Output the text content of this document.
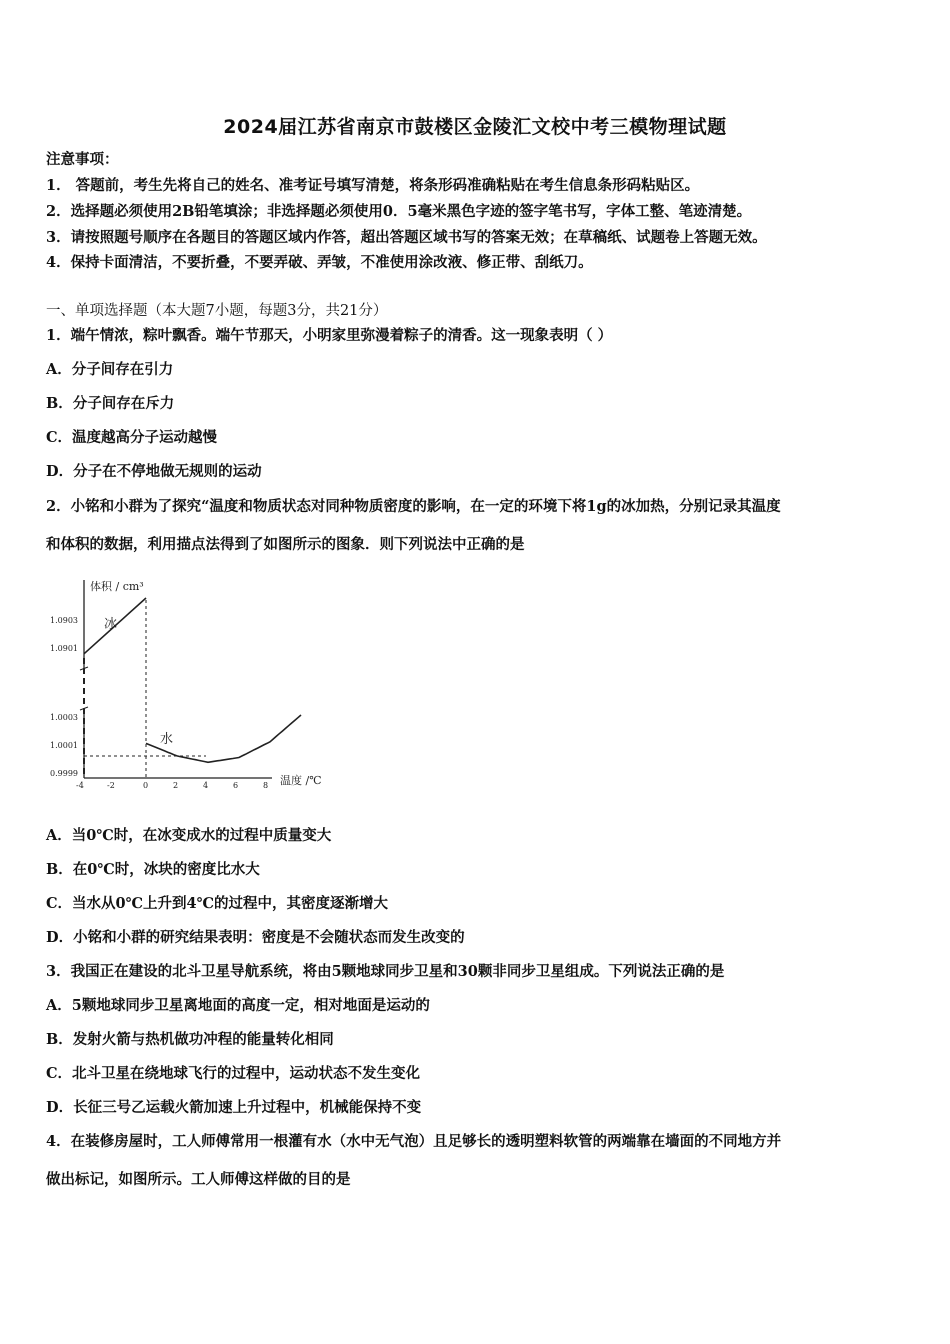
2024届江苏省南京市鼓楼区金陵汇文校中考三模物理试题
注意事项：
1． 答题前，考生先将自己的姓名、准考证号填写清楚，将条形码准确粘贴在考生信息条形码粘贴区。
2．选择题必须使用2B铅笔填涂；非选择题必须使用0．5毫米黑色字迹的签字笔书写，字体工整、笔迹清楚。
3．请按照题号顺序在各题目的答题区域内作答，超出答题区域书写的答案无效；在草稿纸、试题卷上答题无效。
4．保持卡面清洁，不要折叠，不要弄破、弄皱，不准使用涂改液、修正带、刮纸刀。
一、单项选择题（本大题7小题，每题3分，共21分）
1．端午情浓，粽叶飘香。端午节那天，小明家里弥漫着粽子的清香。这一现象表明（ ）
A．分子间存在引力
B．分子间存在斥力
C．温度越高分子运动越慢
D．分子在不停地做无规则的运动
2．小铭和小群为了探究“温度和物质状态对同种物质密度的影响，在一定的环境下将1g的冰加热，分别记录其温度
和体积的数据，利用描点法得到了如图所示的图象．则下列说法中正确的是
体积 / cm³
温度 /℃
1.0903
1.0901
1.0003
1.0001
0.9999
-4	-2	0	2	4	6	8
冰
水
A．当0℃时，在冰变成水的过程中质量变大
B．在0℃时，冰块的密度比水大
C．当水从0℃上升到4℃的过程中，其密度逐渐增大
D．小铭和小群的研究结果表明：密度是不会随状态而发生改变的
3．我国正在建设的北斗卫星导航系统，将由5颗地球同步卫星和30颗非同步卫星组成。下列说法正确的是
A．5颗地球同步卫星离地面的高度一定，相对地面是运动的
B．发射火箭与热机做功冲程的能量转化相同
C．北斗卫星在绕地球飞行的过程中，运动状态不发生变化
D．长征三号乙运载火箭加速上升过程中，机械能保持不变
4．在装修房屋时，工人师傅常用一根灌有水（水中无气泡）且足够长的透明塑料软管的两端靠在墙面的不同地方并
做出标记，如图所示。工人师傅这样做的目的是
